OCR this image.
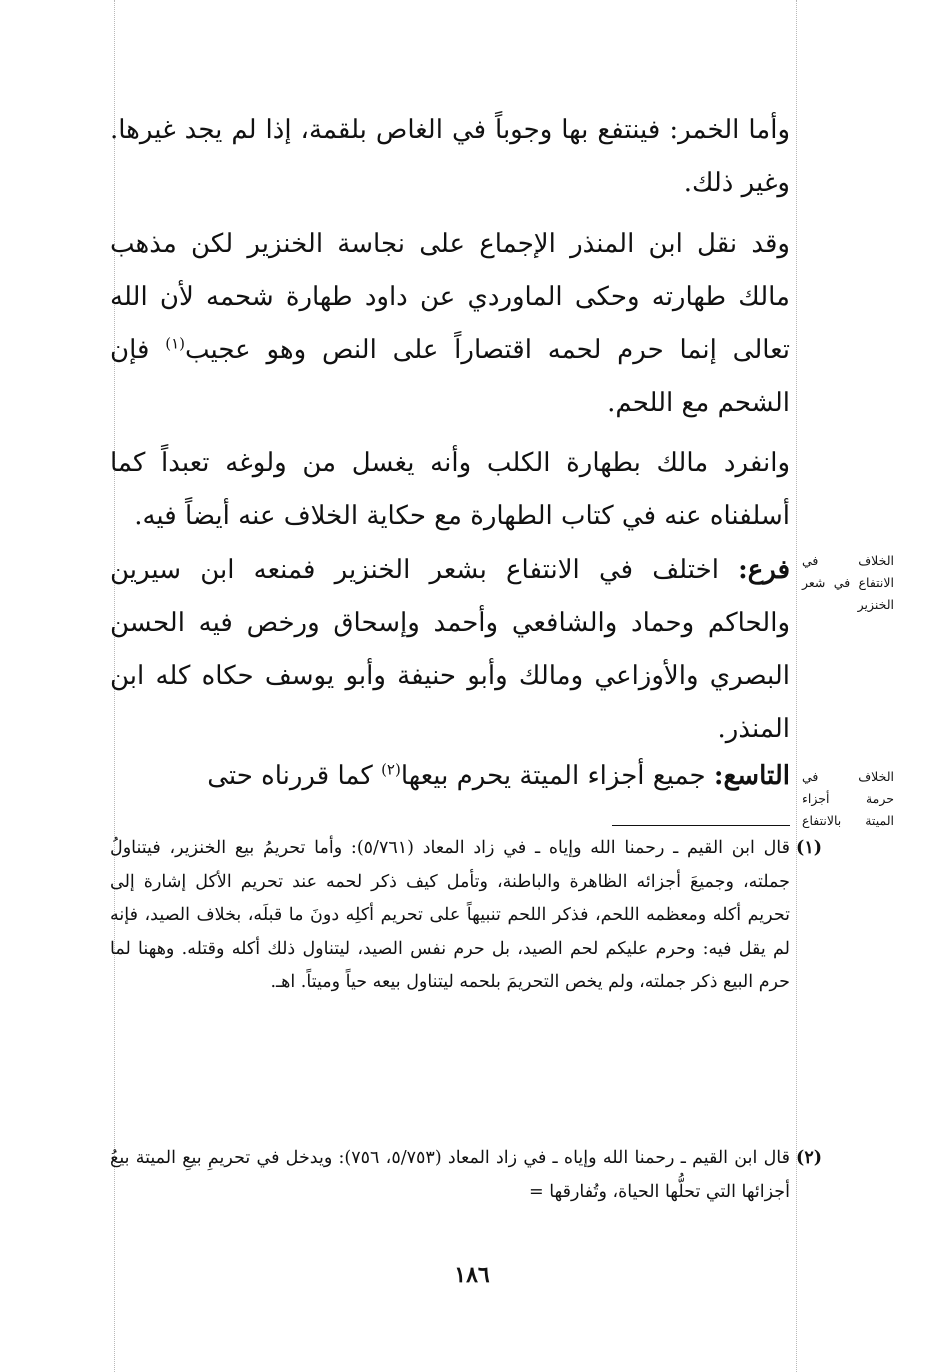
وأما الخمر: فينتفع بها وجوباً في الغاص بلقمة، إذا لم يجد غيرها. وغير ذلك.

وقد نقل ابن المنذر الإجماع على نجاسة الخنزير لكن مذهب مالك طهارته وحكى الماوردي عن داود طهارة شحمه لأن الله تعالى إنما حرم لحمه اقتصاراً على النص وهو عجيب$^{(١)}$ فإن الشحم مع اللحم.

وانفرد مالك بطهارة الكلب وأنه يغسل من ولوغه تعبداً كما أسلفناه عنه في كتاب الطهارة مع حكاية الخلاف عنه أيضاً فيه.

فرع: اختلف في الانتفاع بشعر الخنزير فمنعه ابن سيرين والحاكم وحماد والشافعي وأحمد وإسحاق ورخص فيه الحسن البصري والأوزاعي ومالك وأبو حنيفة وأبو يوسف حكاه كله ابن المنذر.

التاسع: جميع أجزاء الميتة يحرم بيعها$^{(٢)}$ كما قررناه حتى

الخلاف في
الانتفاع في شعر
الخنزير
الخلاف في
حرمة أجزاء
الميتة بالانتفاع
(١)
قال ابن القيم ـ رحمنا الله وإياه ـ في زاد المعاد (٥/٧٦١): وأما تحريمُ بيع الخنزير، فيتناولُ جملته، وجميعَ أجزائه الظاهرة والباطنة، وتأمل كيف ذكر لحمه عند تحريم الأكل إشارة إلى تحريم أكله ومعظمه اللحم، فذكر اللحم تنبيهاً على تحريم أكلِه دونَ ما قبلَه، بخلاف الصيد، فإنه لم يقل فيه: وحرم عليكم لحم الصيد، بل حرم نفس الصيد، ليتناول ذلك أكله وقتله. وههنا لما حرم البيع ذكر جملته، ولم يخص التحريمَ بلحمه ليتناول بيعه حياً وميتاً. اهـ.
(٢)
قال ابن القيم ـ رحمنا الله وإياه ـ في زاد المعاد (٥/٧٥٣، ٧٥٦): ويدخل في تحريمِ بيعِ الميتة بيعُ أجزائها التي تحلُّها الحياة، وتُفارقها =
١٨٦
